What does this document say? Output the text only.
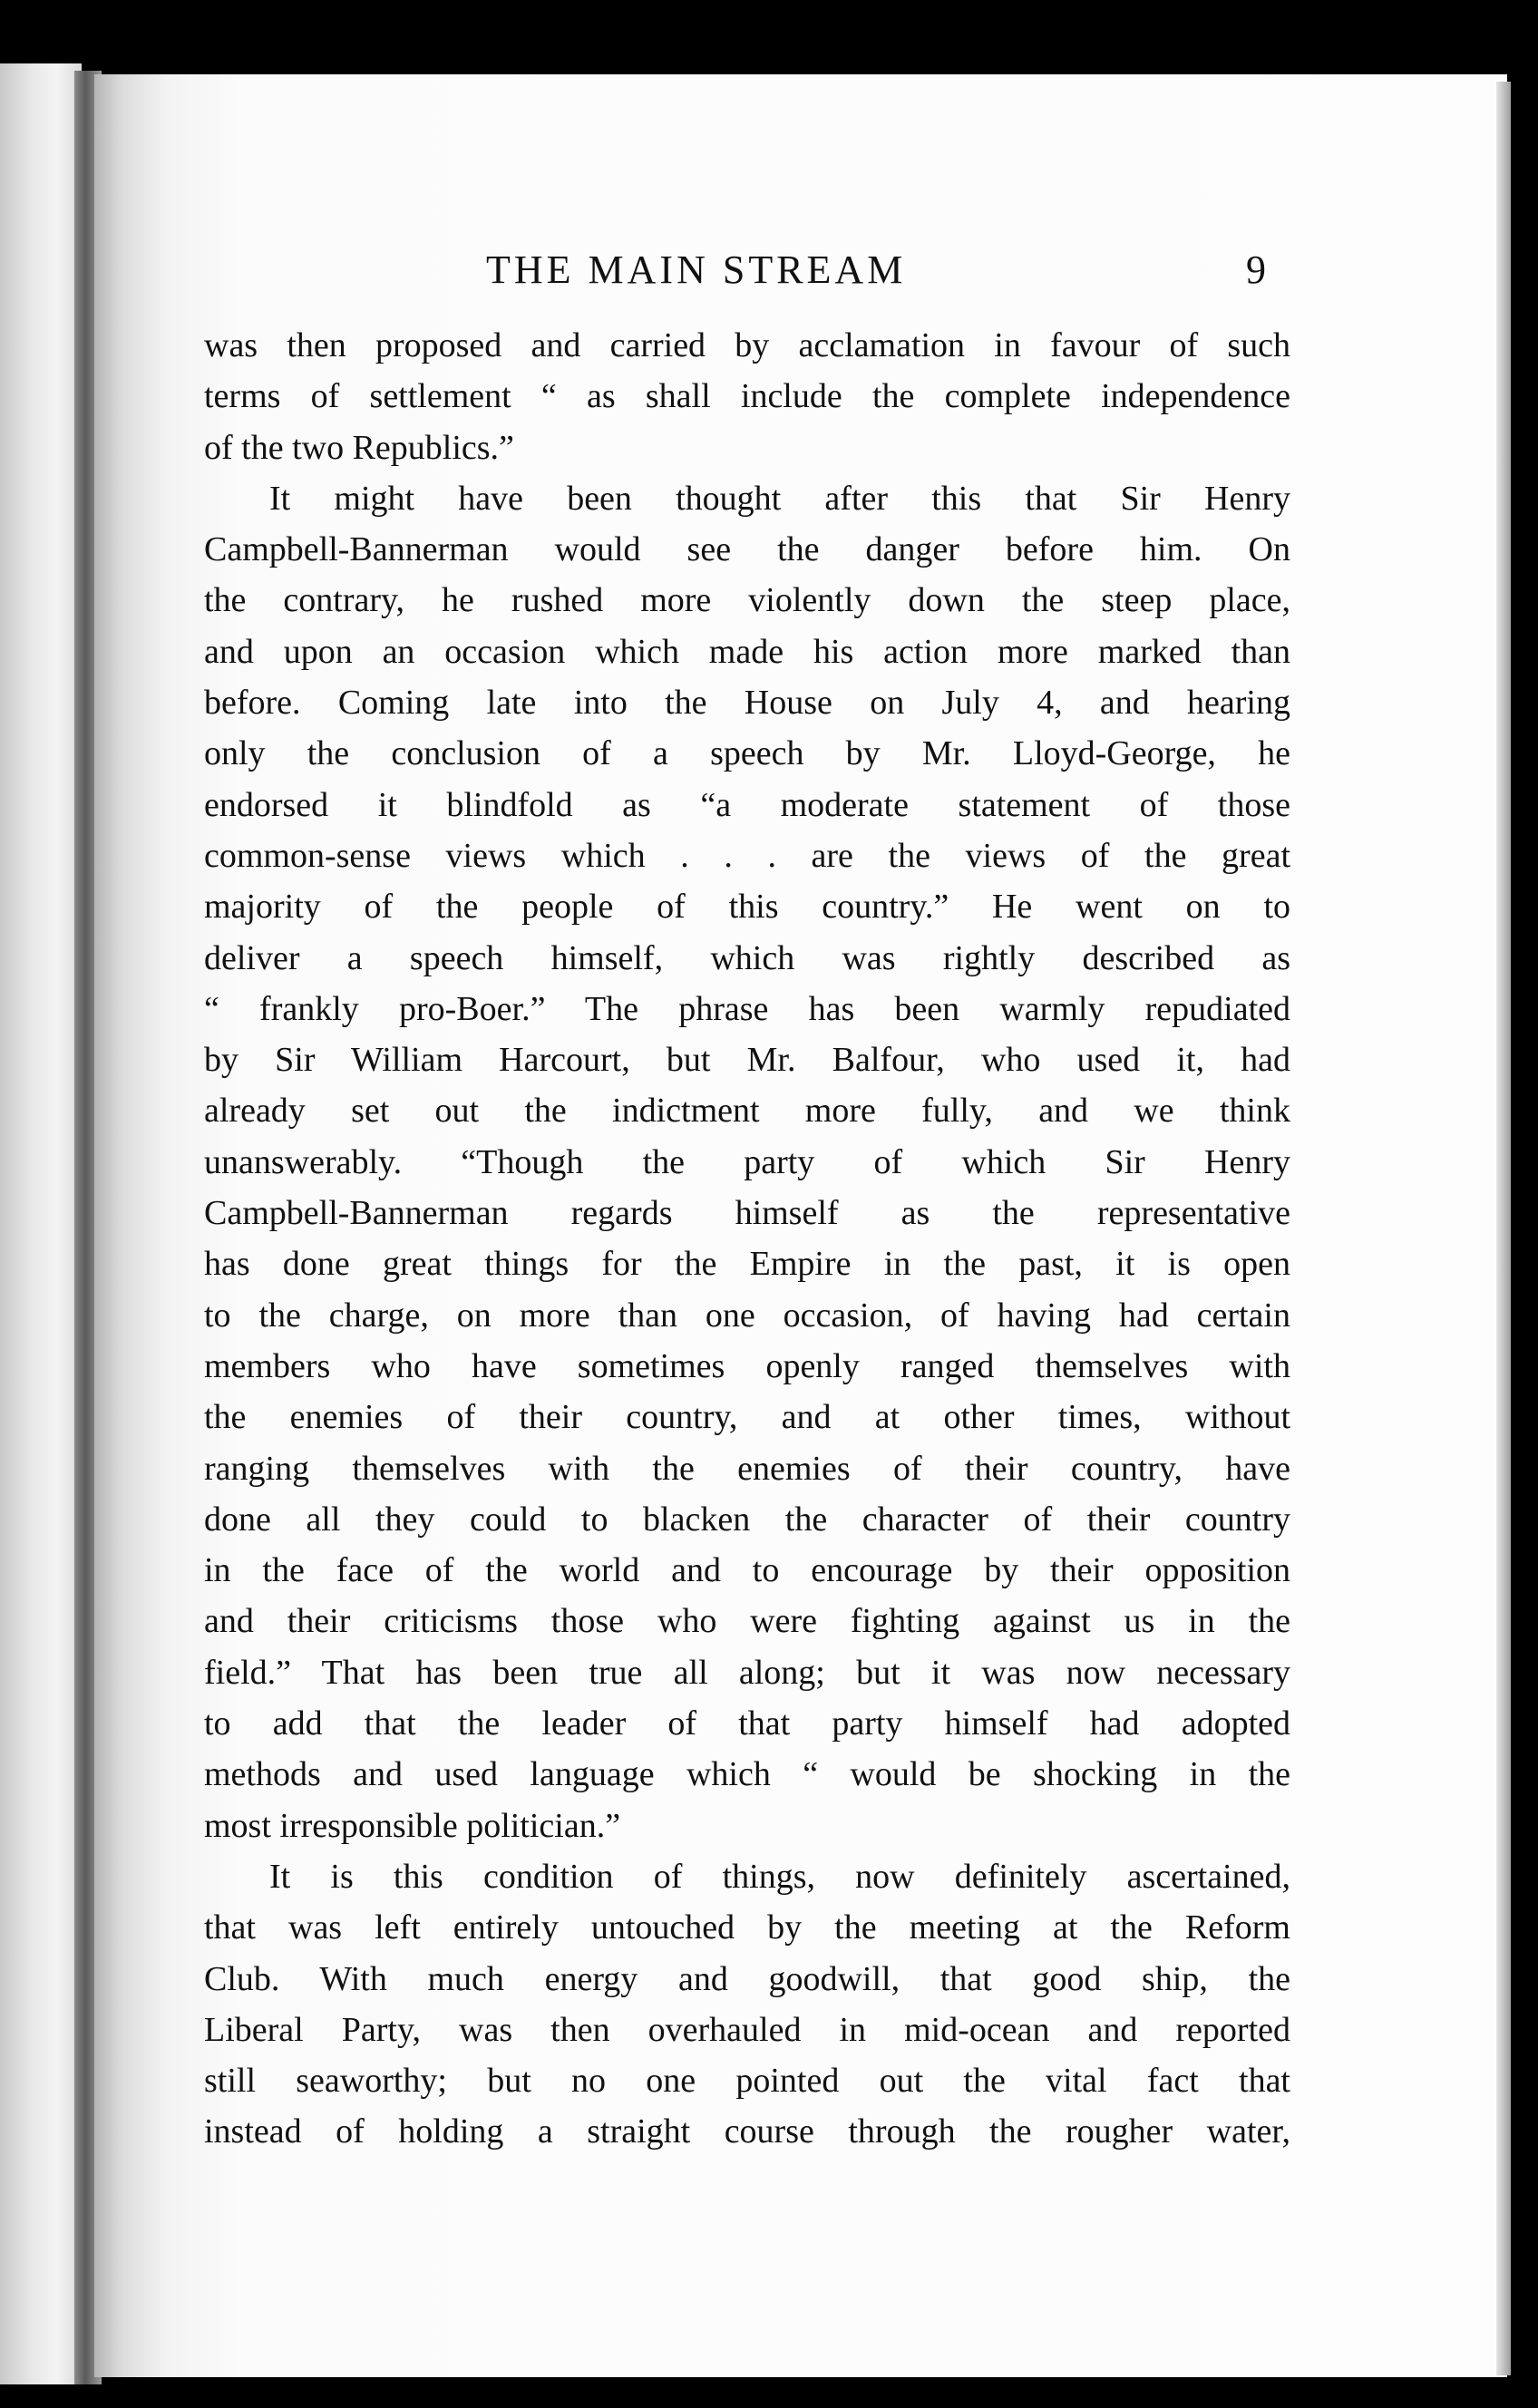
THE MAIN STREAM	9
was then proposed and carried by acclamation in favour of such
terms of settlement “ as shall include the complete independence
of the two Republics.”
It might have been thought after this that Sir Henry
Campbell-Bannerman would see the danger before him. On
the contrary, he rushed more violently down the steep place,
and upon an occasion which made his action more marked than
before. Coming late into the House on July 4, and hearing
only the conclusion of a speech by Mr. Lloyd-George, he
endorsed it blindfold as “a moderate statement of those
common-sense views which . . . are the views of the great
majority of the people of this country.” He went on to
deliver a speech himself, which was rightly described as
“ frankly pro-Boer.” The phrase has been warmly repudiated
by Sir William Harcourt, but Mr. Balfour, who used it, had
already set out the indictment more fully, and we think
unanswerably. “Though the party of which Sir Henry
Campbell-Bannerman regards himself as the representative
has done great things for the Empire in the past, it is open
to the charge, on more than one occasion, of having had certain
members who have sometimes openly ranged themselves with
the enemies of their country, and at other times, without
ranging themselves with the enemies of their country, have
done all they could to blacken the character of their country
in the face of the world and to encourage by their opposition
and their criticisms those who were fighting against us in the
field.” That has been true all along; but it was now necessary
to add that the leader of that party himself had adopted
methods and used language which “ would be shocking in the
most irresponsible politician.”
It is this condition of things, now definitely ascertained,
that was left entirely untouched by the meeting at the Reform
Club. With much energy and goodwill, that good ship, the
Liberal Party, was then overhauled in mid-ocean and reported
still seaworthy; but no one pointed out the vital fact that
instead of holding a straight course through the rougher water,
